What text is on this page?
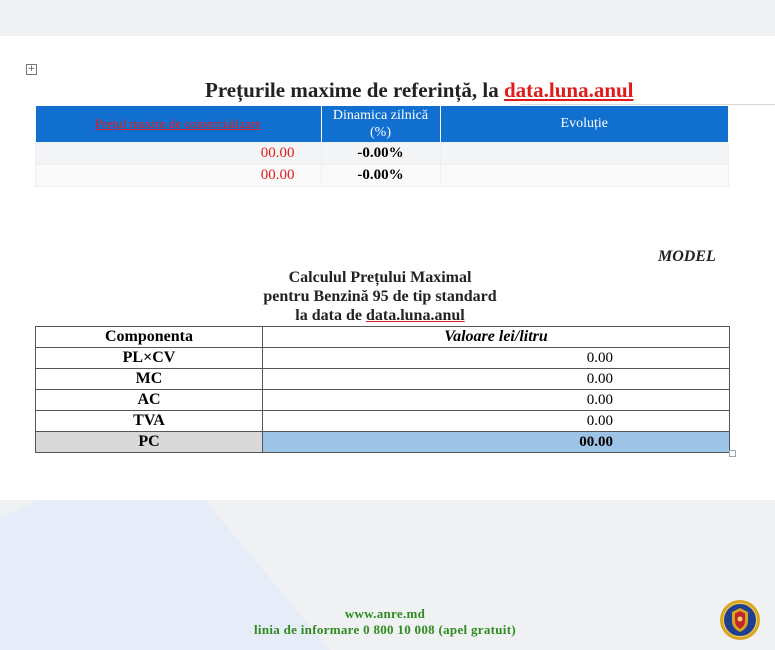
+
Prețurile maxime de referință, la data.luna.anul
Prețul maxim de comercializare	Dinamica zilnică (%)	Evoluție
00.00	-0.00%	
00.00	-0.00%	
MODEL
Calculul Prețului Maximal
pentru Benzină 95 de tip standard
la data de data.luna.anul
Componenta	Valoare lei/litru
PL×CV	0.00
MC	0.00
AC	0.00
TVA	0.00
PC	00.00
www.anre.md
linia de informare 0 800 10 008 (apel gratuit)
